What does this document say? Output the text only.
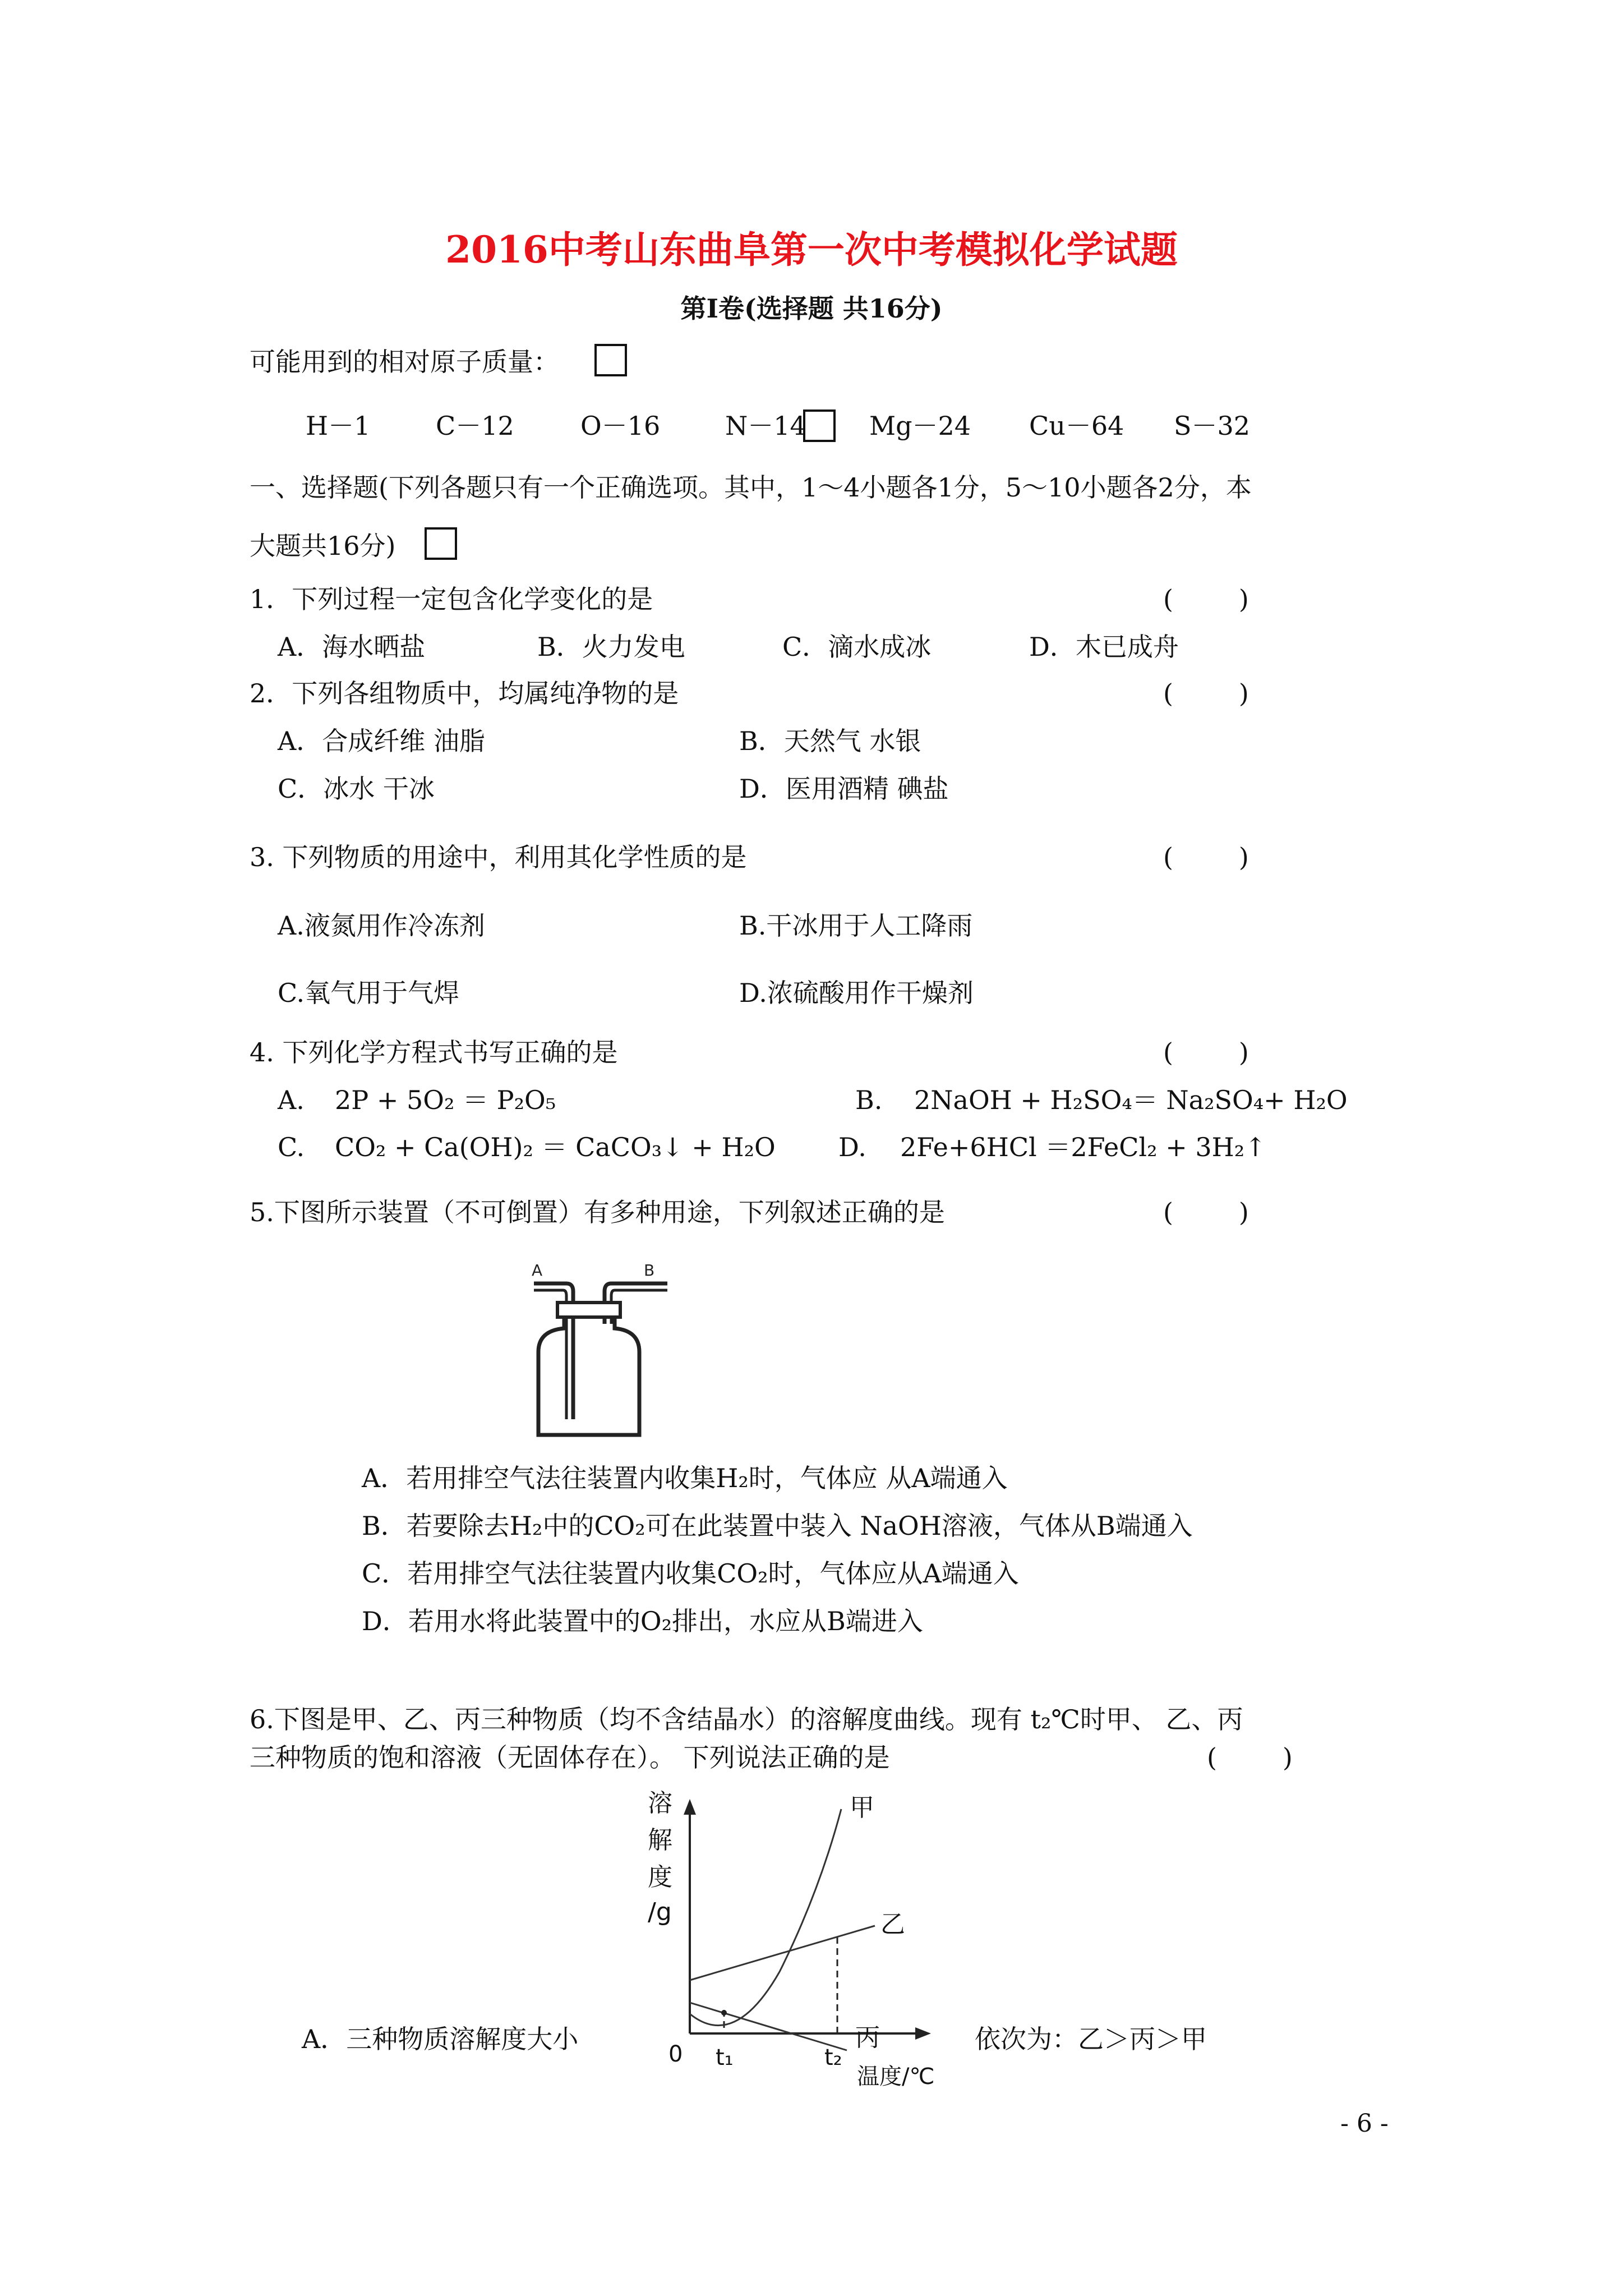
2016中考山东曲阜第一次中考模拟化学试题
第Ⅰ卷(选择题 共16分)
可能用到的相对原子质量：
H－1	C－12	O－16	N－14 Mg－24 Cu－64 S－32
一、选择题(下列各题只有一个正确选项。其中，1～4小题各1分，5～10小题各2分，本
大题共16分)
1．下列过程一定包含化学变化的是	(        )
A．海水晒盐	B．火力发电	C．滴水成冰	D．木已成舟
2．下列各组物质中，均属纯净物的是	(        )
A．合成纤维 油脂	B．天然气 水银
C．冰水 干冰	D．医用酒精 碘盐
3. 下列物质的用途中，利用其化学性质的是	(        )
A.液氮用作冷冻剂	B.干冰用于人工降雨
C.氧气用于气焊	D.浓硫酸用作干燥剂
4. 下列化学方程式书写正确的是	(        )
A. 2P + 5O₂ ＝ P₂O₅	B. 2NaOH + H₂SO₄＝ Na₂SO₄+ H₂O
C. CO₂ + Ca(OH)₂ ＝ CaCO₃↓ + H₂O D. 2Fe+6HCl ＝2FeCl₂ + 3H₂↑
5.下图所示装置（不可倒置）有多种用途，下列叙述正确的是	(        )
A	B
A．若用排空气法往装置内收集H₂时，气体应 从A端通入
B．若要除去H₂中的CO₂可在此装置中装入 NaOH溶液，气体从B端通入
C．若用排空气法往装置内收集CO₂时，气体应从A端通入
D．若用水将此装置中的O₂排出，水应从B端进入
6.下图是甲、乙、丙三种物质（均不含结晶水）的溶解度曲线。现有 t₂℃时甲、 乙、丙
三种物质的饱和溶液（无固体存在）。 下列说法正确的是	(        )
溶
解
度
/g
0 t₁	t₂
温度/℃
甲
乙
丙
A．三种物质溶解度大小	依次为：乙＞丙＞甲
- 6 -
